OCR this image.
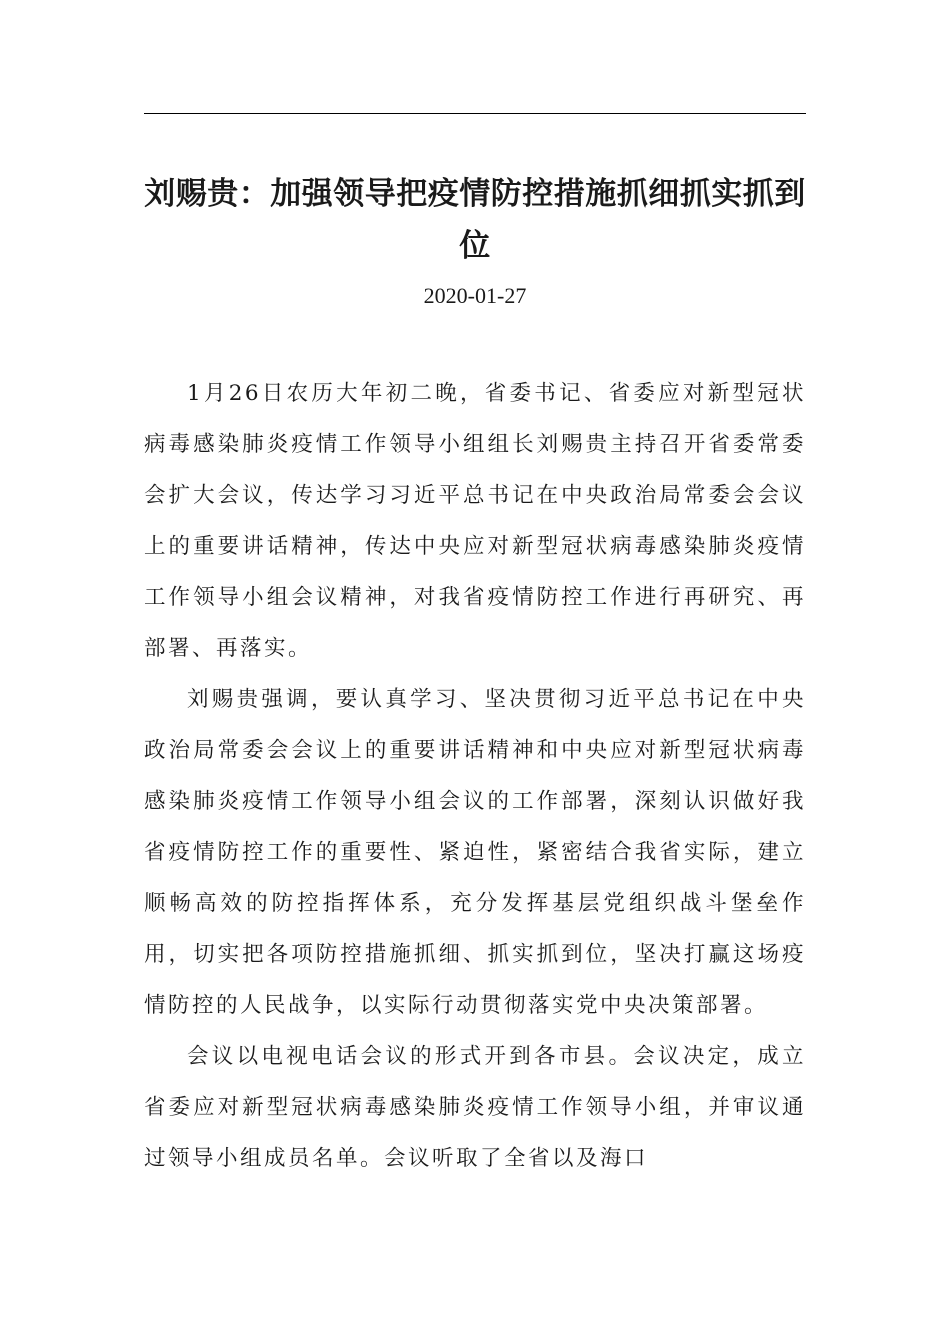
刘赐贵：加强领导把疫情防控措施抓细抓实抓到位
2020-01-27

1月26日农历大年初二晚，省委书记、省委应对新型冠状病毒感染肺炎疫情工作领导小组组长刘赐贵主持召开省委常委会扩大会议，传达学习习近平总书记在中央政治局常委会会议上的重要讲话精神，传达中央应对新型冠状病毒感染肺炎疫情工作领导小组会议精神，对我省疫情防控工作进行再研究、再部署、再落实。

刘赐贵强调，要认真学习、坚决贯彻习近平总书记在中央政治局常委会会议上的重要讲话精神和中央应对新型冠状病毒感染肺炎疫情工作领导小组会议的工作部署，深刻认识做好我省疫情防控工作的重要性、紧迫性，紧密结合我省实际，建立顺畅高效的防控指挥体系，充分发挥基层党组织战斗堡垒作用，切实把各项防控措施抓细、抓实抓到位，坚决打赢这场疫情防控的人民战争，以实际行动贯彻落实党中央决策部署。

会议以电视电话会议的形式开到各市县。会议决定，成立省委应对新型冠状病毒感染肺炎疫情工作领导小组，并审议通过领导小组成员名单。会议听取了全省以及海口
